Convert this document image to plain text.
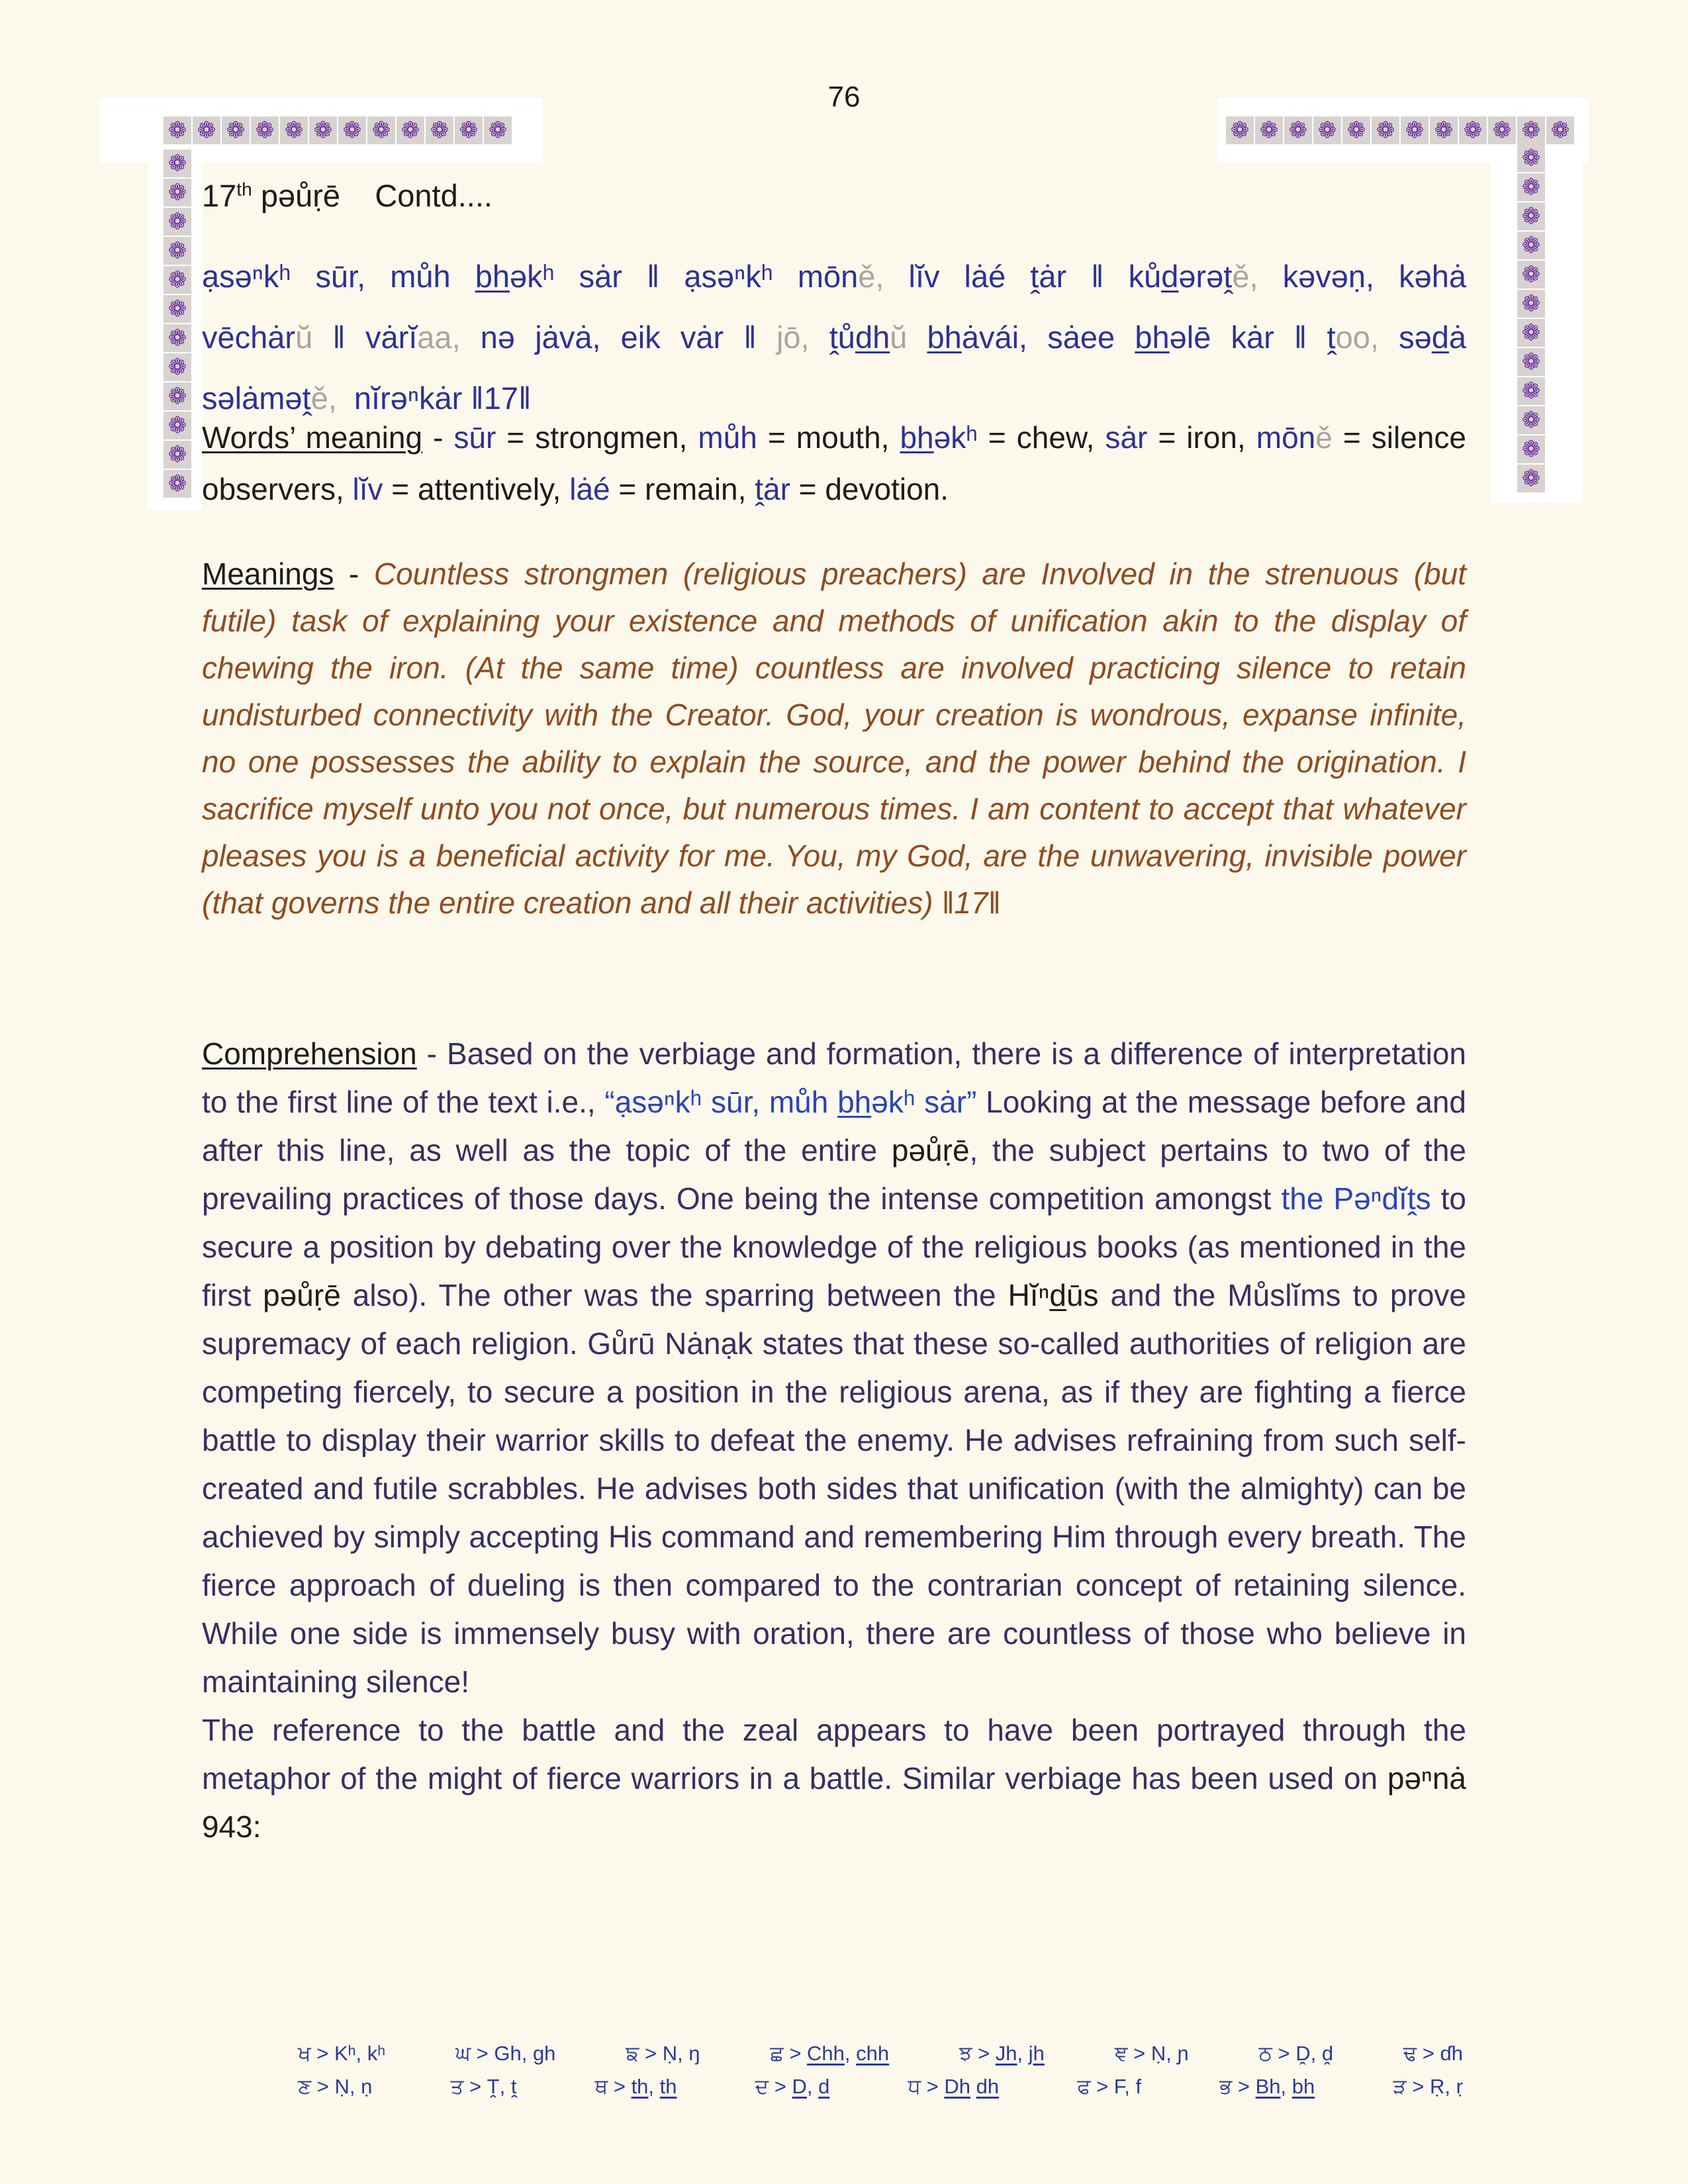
76
❁ ❁ ❁ ❁ ❁ ❁ ❁ ❁ ❁ ❁ ❁ ❁	❁ ❁ ❁ ❁ ❁ ❁ ❁ ❁ ❁ ❁ ❁ ❁
❁
❁
❁
❁
❁
❁
❁
❁
❁
❁
❁
❁
❁
❁
❁
❁
❁
❁
❁
❁
❁
❁
❁
❁
17th pəůṛē Contd....
ạsəⁿkʰ sūr, můh bhəkʰ sȧr ‖ ạsəⁿkʰ mōně, lĭv lȧé ṱȧr ‖ kůdərəṱě, kəvəṇ, kəhȧ
vēchȧrŭ ‖ vȧrĭaa, nə jȧvȧ, eik vȧr ‖ jō, ṱůdhŭ bhȧvái, sȧee bhəlē kȧr ‖ ṱoo, sədȧ
səlȧməṱě,  nĭrəⁿkȧr ‖17‖
Words’ meaning - sūr = strongmen, můh = mouth, bhəkʰ = chew, sȧr = iron, mōně = silence observers, lĭv = attentively, lȧé = remain, ṱȧr = devotion.
Meanings - Countless strongmen (religious preachers) are Involved in the strenuous (but futile) task of explaining your existence and methods of unification akin to the display of chewing the iron. (At the same time) countless are involved practicing silence to retain undisturbed connectivity with the Creator. God, your creation is wondrous, expanse infinite, no one possesses the ability to explain the source, and the power behind the origination. I sacrifice myself unto you not once, but numerous times. I am content to accept that whatever pleases you is a beneficial activity for me. You, my God, are the unwavering, invisible power (that governs the entire creation and all their activities) ‖17‖
Comprehension - Based on the verbiage and formation, there is a difference of interpretation to the first line of the text i.e., “ạsəⁿkʰ sūr, můh bhəkʰ sȧr” Looking at the message before and after this line, as well as the topic of the entire pəůṛē, the subject pertains to two of the prevailing practices of those days. One being the intense competition amongst the Pəⁿdĭṱs to secure a position by debating over the knowledge of the religious books (as mentioned in the first pəůṛē also). The other was the sparring between the Hĭⁿdūs and the Můslĭms to prove supremacy of each religion. Gůrū Nȧnạk states that these so-called authorities of religion are competing fiercely, to secure a position in the religious arena, as if they are fighting a fierce battle to display their warrior skills to defeat the enemy. He advises refraining from such self-created and futile scrabbles. He advises both sides that unification (with the almighty) can be achieved by simply accepting His command and remembering Him through every breath. The fierce approach of dueling is then compared to the contrarian concept of retaining silence. While one side is immensely busy with oration, there are countless of those who believe in maintaining silence!
The reference to the battle and the zeal appears to have been portrayed through the metaphor of the might of fierce warriors in a battle. Similar verbiage has been used on pəⁿnȧ 943:
ਖ > Kʰ, kʰ	ਘ > Gh, gh	ਙ > Ṇ, ŋ	ਛ > Chh, chh	ਝ > Jh, jh	ਞ > Ṇ, ɲ	ਠ > Ḓ, ḓ	ਢ > ɗh
ਣ > Ṇ, ṇ	ਤ > Ṱ, ṱ	ਥ > th, th	ਦ > D, d	ਧ > Dh dh	ਫ > F, f	ਭ > Bh, bh	ੜ > Ṛ, ṛ
